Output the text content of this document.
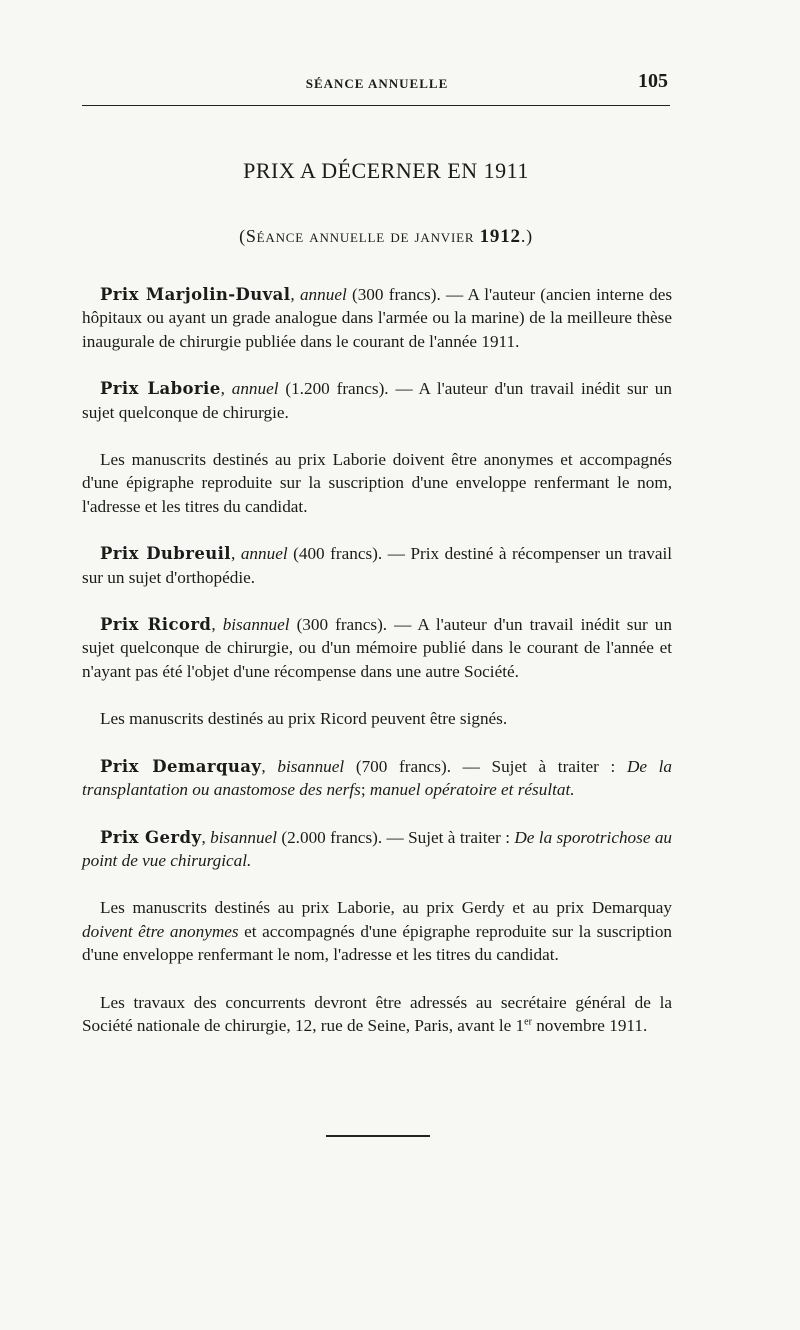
SÉANCE ANNUELLE	105
PRIX A DÉCERNER EN 1911
(Séance annuelle de janvier 1912.)

Prix Marjolin-Duval, annuel (300 francs). — A l'auteur (ancien interne des hôpitaux ou ayant un grade analogue dans l'armée ou la marine) de la meilleure thèse inaugurale de chirurgie publiée dans le courant de l'année 1911.

Prix Laborie, annuel (1.200 francs). — A l'auteur d'un travail inédit sur un sujet quelconque de chirurgie.

Les manuscrits destinés au prix Laborie doivent être anonymes et accompagnés d'une épigraphe reproduite sur la suscription d'une enveloppe renfermant le nom, l'adresse et les titres du candidat.

Prix Dubreuil, annuel (400 francs). — Prix destiné à récompenser un travail sur un sujet d'orthopédie.

Prix Ricord, bisannuel (300 francs). — A l'auteur d'un travail inédit sur un sujet quelconque de chirurgie, ou d'un mémoire publié dans le courant de l'année et n'ayant pas été l'objet d'une récompense dans une autre Société.

Les manuscrits destinés au prix Ricord peuvent être signés.

Prix Demarquay, bisannuel (700 francs). — Sujet à traiter : De la transplantation ou anastomose des nerfs; manuel opératoire et résultat.

Prix Gerdy, bisannuel (2.000 francs). — Sujet à traiter : De la sporotrichose au point de vue chirurgical.

Les manuscrits destinés au prix Laborie, au prix Gerdy et au prix Demarquay doivent être anonymes et accompagnés d'une épigraphe reproduite sur la suscription d'une enveloppe renfermant le nom, l'adresse et les titres du candidat.

Les travaux des concurrents devront être adressés au secrétaire général de la Société nationale de chirurgie, 12, rue de Seine, Paris, avant le 1er novembre 1911.
